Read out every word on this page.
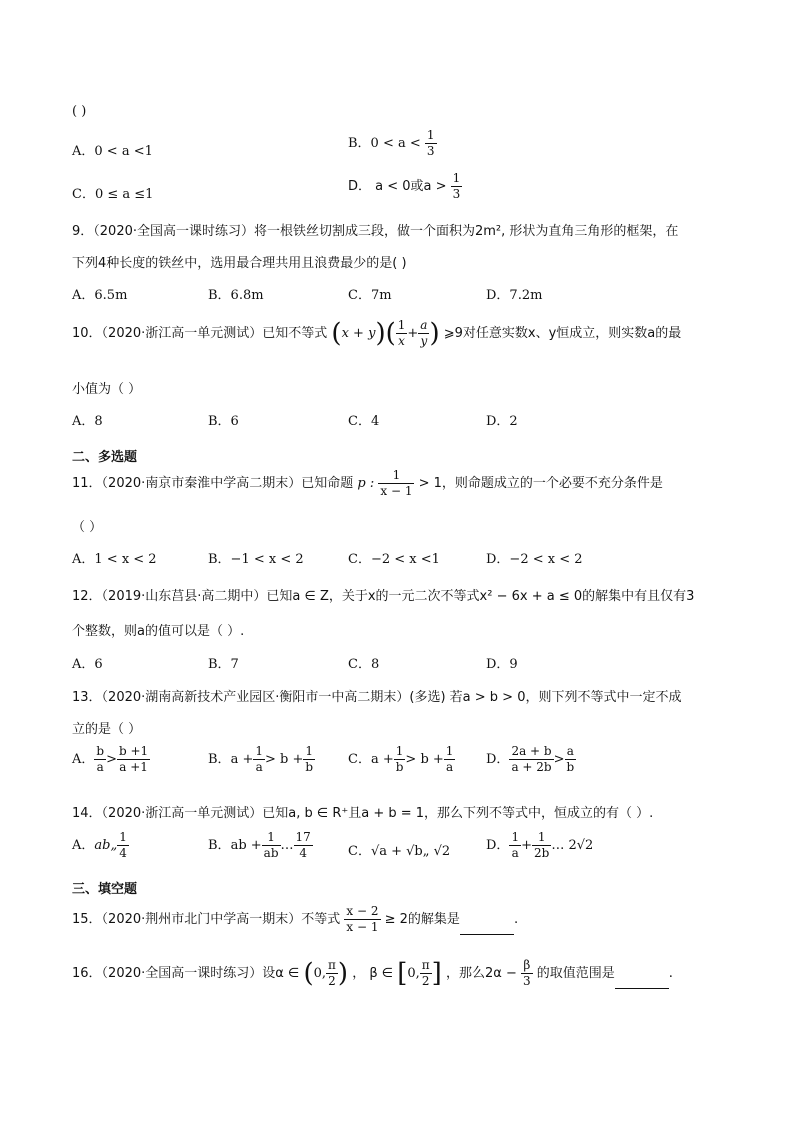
( )
A．0 < a <1
B．$0 < a < \frac{1}{3}$
C．0 ≤ a ≤1
D． a < 0或$a > \frac{1}{3}$
9．（2020·全国高一课时练习）将一根铁丝切割成三段，做一个面积为2m², 形状为直角三角形的框架，在
下列4种长度的铁丝中，选用最合理共用且浪费最少的是( )
A．6.5m	B．6.8m	C．7m	D．7.2m
10．（2020·浙江高一单元测试）已知不等式 $(x + y)( \frac{1}{x} + \frac{a}{y}$ ) ⩾9对任意实数x、y恒成立，则实数a的最
小值为（ ）
A．8	B．6	C．4	D．2
二、多选题
11．（2020·南京市秦淮中学高二期末）已知命题 p : $\frac{1}{x - 1} > 1$，则命题成立的一个必要不充分条件是
（ ）
A．1 < x < 2	B．−1 < x < 2	C．−2 < x <1	D．−2 < x < 2
12．（2019·山东莒县·高二期中）已知a ∈ Z，关于x的一元二次不等式x² − 6x + a ≤ 0的解集中有且仅有3
个整数，则a的值可以是（ ）.
A．6	B．7	C．8	D．9
13．（2020·湖南高新技术产业园区·衡阳市一中高二期末）(多选) 若a > b > 0，则下列不等式中一定不成
立的是（ ）
A． $\frac{b}{a} > \frac{b +1}{a +1}$	B．$a + \frac{1}{a} > b + \frac{1}{b}$	C．$a + \frac{1}{b} > b + \frac{1}{a}$ D． $\frac{2a + b}{a + 2b} > \frac{a}{b}$
14．（2020·浙江高一单元测试）已知a, b ∈ R⁺且a + b = 1，那么下列不等式中，恒成立的有（ ）.
A．ab„ $\frac{1}{4}$	B．ab + $\frac{1}{ab}$ … $\frac{17}{4}$	C．√a + √b„ √2	D． $\frac{1}{a} + \frac{1}{2b}$ … 2√2
三、填空题
15．（2020·荆州市北门中学高一期末）不等式 $\frac{x - 2}{x - 1} \ge 2$的解集是	.
16．（2020·全国高一课时练习）设α ∈ (0, $\frac{\pi}{2}$ ) ， β ∈ [0, $\frac{\pi}{2}$ ] ，那么$2\alpha - \frac{\beta}{3}$ 的取值范围是	.
